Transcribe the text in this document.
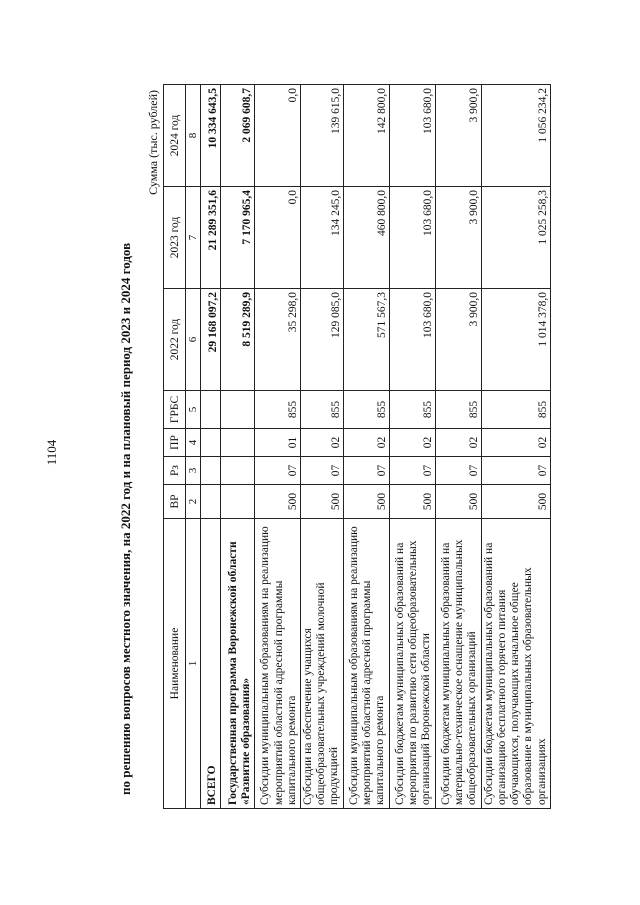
1104	по решению вопросов местного значения, на 2022 год и на плановый период 2023 и 2024 годов
Сумма (тыс. рублей)
Наименование	ВР	Рз	ПР	ГРБС	2022 год	2023 год	2024 год
1	2	3	4	5	6	7	8
ВСЕГО					29 168 097,2	21 289 351,6	10 334 643,5
Государственная программа Воронежской области «Развитие образования»					8 519 289,9	7 170 965,4	2 069 608,7
Субсидии муниципальным образованиям на реализацию мероприятий областной адресной программы капитального ремонта	500	07	01	855	35 298,0	0,0	0,0
Субсидии на обеспечение учащихся общеобразовательных учреждений молочной продукцией	500	07	02	855	129 085,0	134 245,0	139 615,0
Субсидии муниципальным образованиям на реализацию мероприятий областной адресной программы капитального ремонта	500	07	02	855	571 567,3	460 800,0	142 800,0
Субсидии бюджетам муниципальных образований на мероприятия по развитию сети общеобразовательных организаций Воронежской области	500	07	02	855	103 680,0	103 680,0	103 680,0
Субсидии бюджетам муниципальных образований на материально-техническое оснащение муниципальных общеобразовательных организаций	500	07	02	855	3 900,0	3 900,0	3 900,0
Субсидии бюджетам муниципальных образований на организацию бесплатного горячего питания обучающихся, получающих начальное общее образование в муниципальных образовательных организациях	500	07	02	855	1 014 378,0	1 025 258,3	1 056 234,2
